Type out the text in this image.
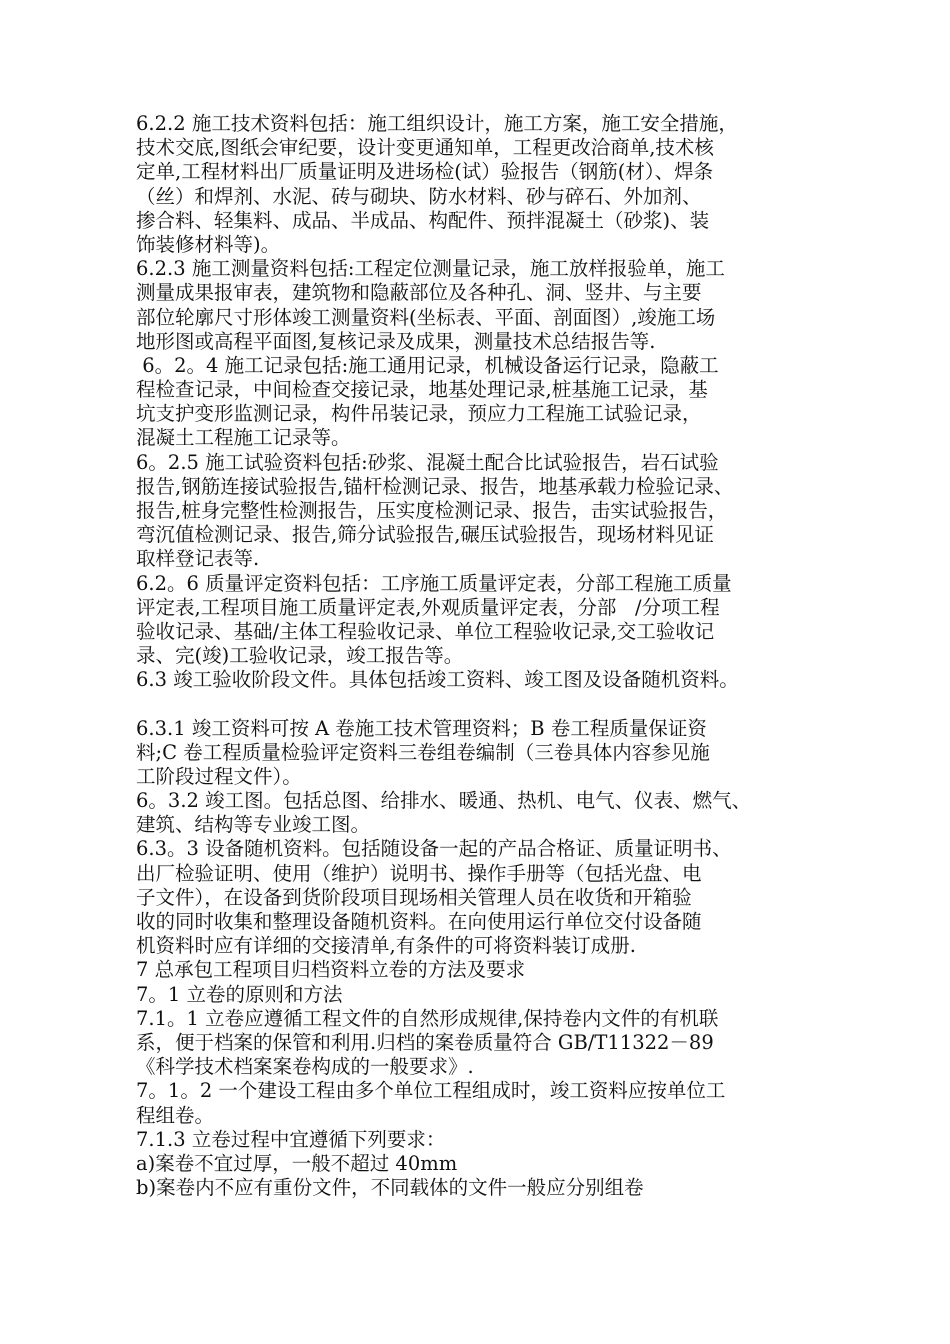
6.2.2 施工技术资料包括：施工组织设计，施工方案，施工安全措施，
技术交底,图纸会审纪要，设计变更通知单，工程更改洽商单,技术核
定单,工程材料出厂质量证明及进场检(试）验报告（钢筋(材）、焊条
（丝）和焊剂、水泥、砖与砌块、防水材料、砂与碎石、外加剂、
掺合料、轻集料、成品、半成品、构配件、预拌混凝土（砂浆)、装
饰装修材料等)。
6.2.3 施工测量资料包括:工程定位测量记录，施工放样报验单，施工
测量成果报审表，建筑物和隐蔽部位及各种孔、洞、竖井、与主要
部位轮廓尺寸形体竣工测量资料(坐标表、平面、剖面图）,竣施工场
地形图或高程平面图,复核记录及成果，测量技术总结报告等.
6。2。4 施工记录包括:施工通用记录，机械设备运行记录，隐蔽工
程检查记录，中间检查交接记录，地基处理记录,桩基施工记录，基
坑支护变形监测记录，构件吊装记录，预应力工程施工试验记录，
混凝土工程施工记录等。
6。2.5 施工试验资料包括:砂浆、混凝土配合比试验报告，岩石试验
报告,钢筋连接试验报告,锚杆检测记录、报告，地基承载力检验记录、
报告,桩身完整性检测报告，压实度检测记录、报告，击实试验报告，
弯沉值检测记录、报告,筛分试验报告,碾压试验报告，现场材料见证
取样登记表等.
6.2。6 质量评定资料包括：工序施工质量评定表，分部工程施工质量
评定表,工程项目施工质量评定表,外观质量评定表，分部   /分项工程
验收记录、基础/主体工程验收记录、单位工程验收记录,交工验收记
录、完(竣)工验收记录，竣工报告等。
6.3 竣工验收阶段文件。具体包括竣工资料、竣工图及设备随机资料。
6.3.1 竣工资料可按 A 卷施工技术管理资料；B 卷工程质量保证资
料;C 卷工程质量检验评定资料三卷组卷编制（三卷具体内容参见施
工阶段过程文件）。
6。3.2 竣工图。包括总图、给排水、暖通、热机、电气、仪表、燃气、
建筑、结构等专业竣工图。
6.3。3 设备随机资料。包括随设备一起的产品合格证、质量证明书、
出厂检验证明、使用（维护）说明书、操作手册等（包括光盘、电
子文件），在设备到货阶段项目现场相关管理人员在收货和开箱验
收的同时收集和整理设备随机资料。在向使用运行单位交付设备随
机资料时应有详细的交接清单,有条件的可将资料装订成册.
7 总承包工程项目归档资料立卷的方法及要求
7。1 立卷的原则和方法
7.1。1 立卷应遵循工程文件的自然形成规律,保持卷内文件的有机联
系，便于档案的保管和利用.归档的案卷质量符合 GB/T11322－89
《科学技术档案案卷构成的一般要求》.
7。1。2 一个建设工程由多个单位工程组成时，竣工资料应按单位工
程组卷。
7.1.3 立卷过程中宜遵循下列要求：
a)案卷不宜过厚，一般不超过 40mm
b)案卷内不应有重份文件，不同载体的文件一般应分别组卷
